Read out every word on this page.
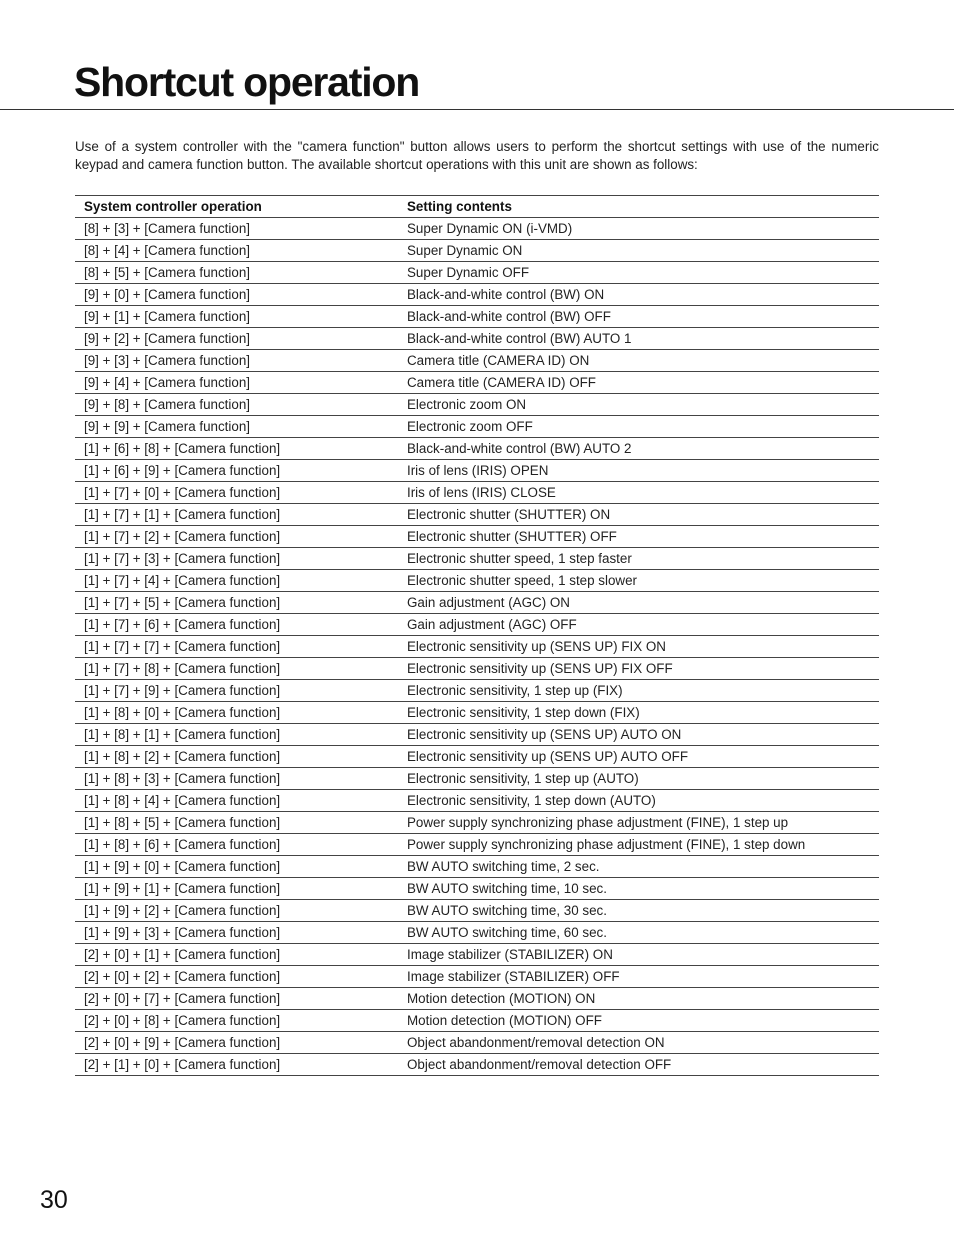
Shortcut operation

Use of a system controller with the "camera function" button allows users to perform the shortcut settings with use of the numeric keypad and camera function button. The available shortcut operations with this unit are shown as follows:

System controller operation	Setting contents
[8] + [3] + [Camera function]	Super Dynamic ON (i-VMD)
[8] + [4] + [Camera function]	Super Dynamic ON
[8] + [5] + [Camera function]	Super Dynamic OFF
[9] + [0] + [Camera function]	Black-and-white control (BW) ON
[9] + [1] + [Camera function]	Black-and-white control (BW) OFF
[9] + [2] + [Camera function]	Black-and-white control (BW) AUTO 1
[9] + [3] + [Camera function]	Camera title (CAMERA ID) ON
[9] + [4] + [Camera function]	Camera title (CAMERA ID) OFF
[9] + [8] + [Camera function]	Electronic zoom ON
[9] + [9] + [Camera function]	Electronic zoom OFF
[1] + [6] + [8] + [Camera function]	Black-and-white control (BW) AUTO 2
[1] + [6] + [9] + [Camera function]	Iris of lens (IRIS) OPEN
[1] + [7] + [0] + [Camera function]	Iris of lens (IRIS) CLOSE
[1] + [7] + [1] + [Camera function]	Electronic shutter (SHUTTER) ON
[1] + [7] + [2] + [Camera function]	Electronic shutter (SHUTTER) OFF
[1] + [7] + [3] + [Camera function]	Electronic shutter speed, 1 step faster
[1] + [7] + [4] + [Camera function]	Electronic shutter speed, 1 step slower
[1] + [7] + [5] + [Camera function]	Gain adjustment (AGC) ON
[1] + [7] + [6] + [Camera function]	Gain adjustment (AGC) OFF
[1] + [7] + [7] + [Camera function]	Electronic sensitivity up (SENS UP) FIX ON
[1] + [7] + [8] + [Camera function]	Electronic sensitivity up (SENS UP) FIX OFF
[1] + [7] + [9] + [Camera function]	Electronic sensitivity, 1 step up (FIX)
[1] + [8] + [0] + [Camera function]	Electronic sensitivity, 1 step down (FIX)
[1] + [8] + [1] + [Camera function]	Electronic sensitivity up (SENS UP) AUTO ON
[1] + [8] + [2] + [Camera function]	Electronic sensitivity up (SENS UP) AUTO OFF
[1] + [8] + [3] + [Camera function]	Electronic sensitivity, 1 step up (AUTO)
[1] + [8] + [4] + [Camera function]	Electronic sensitivity, 1 step down (AUTO)
[1] + [8] + [5] + [Camera function]	Power supply synchronizing phase adjustment (FINE), 1 step up
[1] + [8] + [6] + [Camera function]	Power supply synchronizing phase adjustment (FINE), 1 step down
[1] + [9] + [0] + [Camera function]	BW AUTO switching time, 2 sec.
[1] + [9] + [1] + [Camera function]	BW AUTO switching time, 10 sec.
[1] + [9] + [2] + [Camera function]	BW AUTO switching time, 30 sec.
[1] + [9] + [3] + [Camera function]	BW AUTO switching time, 60 sec.
[2] + [0] + [1] + [Camera function]	Image stabilizer (STABILIZER) ON
[2] + [0] + [2] + [Camera function]	Image stabilizer (STABILIZER) OFF
[2] + [0] + [7] + [Camera function]	Motion detection (MOTION) ON
[2] + [0] + [8] + [Camera function]	Motion detection (MOTION) OFF
[2] + [0] + [9] + [Camera function]	Object abandonment/removal detection ON
[2] + [1] + [0] + [Camera function]	Object abandonment/removal detection OFF
30
